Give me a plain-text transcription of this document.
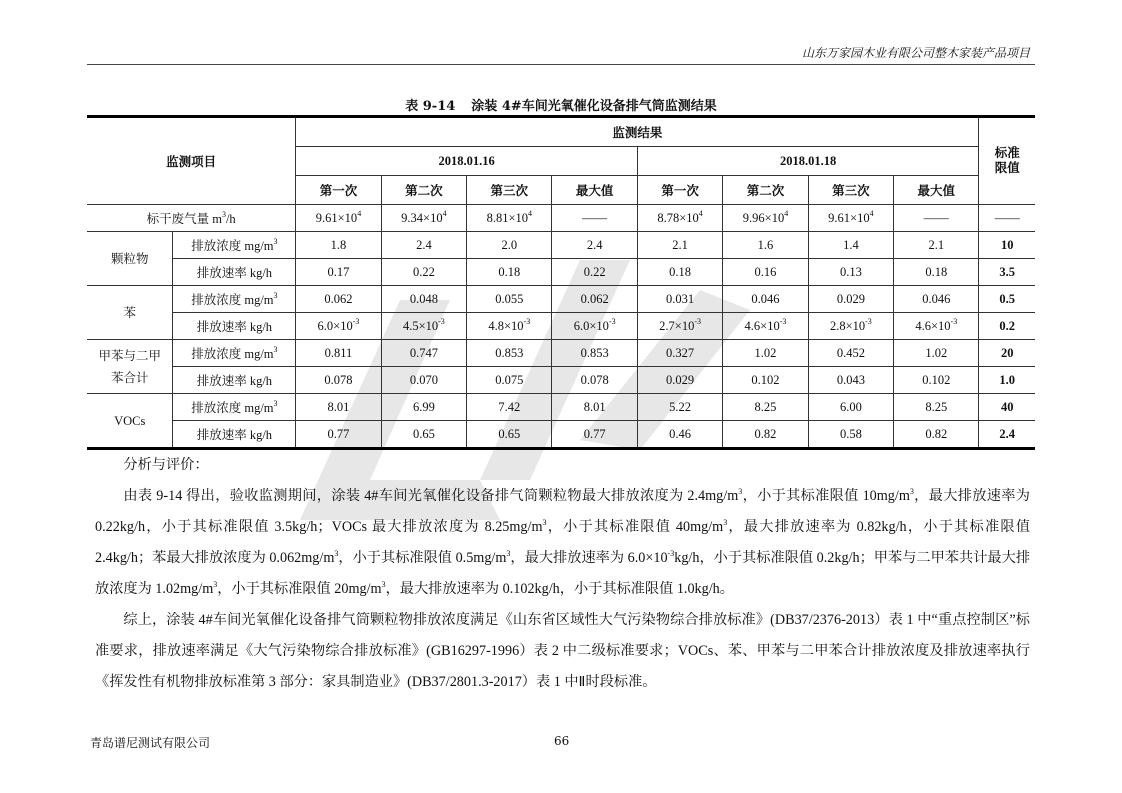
山东万家园木业有限公司整木家装产品项目
表 9-14 涂装 4#车间光氧催化设备排气筒监测结果
监测项目		监测结果								标准限值

		2018.01.16				2018.01.18				
		第一次	第二次	第三次	最大值	第一次	第二次	第三次	最大值	
标干废气量 $m^3/h$		$9.61\times 10^4$	$9.34\times 10^4$	$8.81\times 10^4$	——	$8.78\times 10^4$	$9.96\times 10^4$	$9.61\times 10^4$	——	——

颗粒物	排放浓度 $mg/m^3$	1.8	2.4	2.0	2.4	2.1	1.6	1.4	2.1	10
	排放速率 kg/h	0.17	0.22	0.18	0.22	0.18	0.16	0.13	0.18	3.5

苯	排放浓度 $mg/m^3$	0.062	0.048	0.055	0.062	0.031	0.046	0.029	0.046	0.5
	排放速率 kg/h	$6.0\times 10^{-3}$	$4.5\times 10^{-3}$	$4.8\times 10^{-3}$	$6.0\times 10^{-3}$	$2.7\times 10^{-3}$	$4.6\times 10^{-3}$	$2.8\times 10^{-3}$	$4.6\times 10^{-3}$	0.2

甲苯与二甲苯合计	排放浓度 $mg/m^3$	0.811	0.747	0.853	0.853	0.327	1.02	0.452	1.02	20
	排放速率 kg/h	0.078	0.070	0.075	0.078	0.029	0.102	0.043	0.102	1.0

VOCs	排放浓度 $mg/m^3$	8.01	6.99	7.42	8.01	5.22	8.25	6.00	8.25	40
	排放速率 kg/h	0.77	0.65	0.65	0.77	0.46	0.82	0.58	0.82	2.4

分析与评价：

由表 9-14 得出，验收监测期间，涂装 4#车间光氧催化设备排气筒颗粒物最大排放浓度为 $2.4mg/m^3$，小于其标准限值 $10mg/m^3$，最大排放速率为 0.22kg/h，小于其标准限值 3.5kg/h；VOCs 最大排放浓度为 $8.25mg/m^3$，小于其标准限值 $40mg/m^3$，最大排放速率为 0.82kg/h，小于其标准限值 2.4kg/h；苯最大排放浓度为 $0.062mg/m^3$，小于其标准限值 $0.5mg/m^3$，最大排放速率为 $6.0\times 10^{-3}kg/h$，小于其标准限值 0.2kg/h；甲苯与二甲苯共计最大排放浓度为 $1.02mg/m^3$，小于其标准限值 $20mg/m^3$，最大排放速率为 0.102kg/h，小于其标准限值 1.0kg/h。

综上，涂装 4#车间光氧催化设备排气筒颗粒物排放浓度满足《山东省区域性大气污染物综合排放标准》(DB37/2376-2013）表 1 中“重点控制区”标准要求，排放速率满足《大气污染物综合排放标准》(GB16297-1996）表 2 中二级标准要求；VOCs、苯、甲苯与二甲苯合计排放浓度及排放速率执行《挥发性有机物排放标准第 3 部分：家具制造业》(DB37/2801.3-2017）表 1 中Ⅱ时段标准。

青岛谱尼测试有限公司	66
